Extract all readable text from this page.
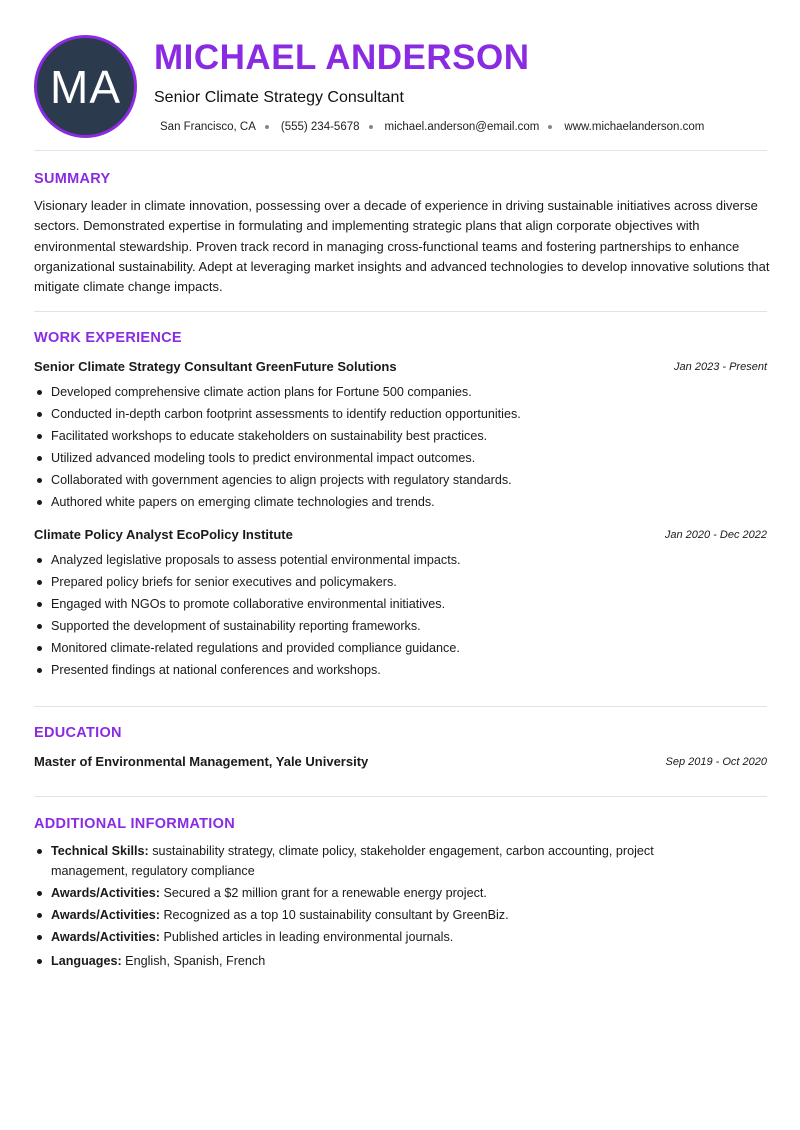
MA
MICHAEL ANDERSON
Senior Climate Strategy Consultant
San Francisco, CA (555) 234-5678 michael.anderson@email.com www.michaelanderson.com
SUMMARY
Visionary leader in climate innovation, possessing over a decade of experience in driving sustainable initiatives across diverse sectors. Demonstrated expertise in formulating and implementing strategic plans that align corporate objectives with environmental stewardship. Proven track record in managing cross-functional teams and fostering partnerships to enhance organizational sustainability. Adept at leveraging market insights and advanced technologies to develop innovative solutions that mitigate climate change impacts.
WORK EXPERIENCE
Senior Climate Strategy Consultant GreenFuture Solutions	Jan 2023 - Present
Developed comprehensive climate action plans for Fortune 500 companies.
Conducted in-depth carbon footprint assessments to identify reduction opportunities.
Facilitated workshops to educate stakeholders on sustainability best practices.
Utilized advanced modeling tools to predict environmental impact outcomes.
Collaborated with government agencies to align projects with regulatory standards.
Authored white papers on emerging climate technologies and trends.
Climate Policy Analyst EcoPolicy Institute	Jan 2020 - Dec 2022
Analyzed legislative proposals to assess potential environmental impacts.
Prepared policy briefs for senior executives and policymakers.
Engaged with NGOs to promote collaborative environmental initiatives.
Supported the development of sustainability reporting frameworks.
Monitored climate-related regulations and provided compliance guidance.
Presented findings at national conferences and workshops.
EDUCATION
Master of Environmental Management, Yale University	Sep 2019 - Oct 2020
ADDITIONAL INFORMATION
Technical Skills: sustainability strategy, climate policy, stakeholder engagement, carbon accounting, project management, regulatory compliance
Awards/Activities: Secured a $2 million grant for a renewable energy project.
Awards/Activities: Recognized as a top 10 sustainability consultant by GreenBiz.
Awards/Activities: Published articles in leading environmental journals.
Languages: English, Spanish, French
